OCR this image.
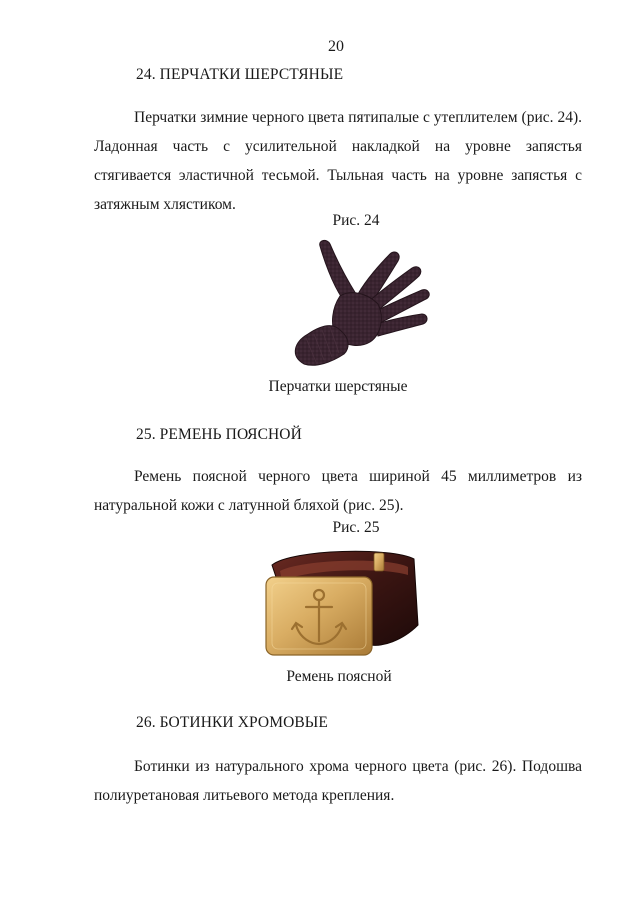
20
24. ПЕРЧАТКИ ШЕРСТЯНЫЕ

Перчатки зимние черного цвета пятипалые с утеплителем (рис. 24). Ладонная часть с усилительной накладкой на уровне запястья стягивается эластичной тесьмой. Тыльная часть на уровне запястья с затяжным хлястиком.

Рис. 24
Перчатки шерстяные
25. РЕМЕНЬ ПОЯСНОЙ

Ремень поясной черного цвета шириной 45 миллиметров из натуральной кожи с латунной бляхой (рис. 25).

Рис. 25
Ремень поясной
26. БОТИНКИ ХРОМОВЫЕ

Ботинки из натурального хрома черного цвета (рис. 26). Подошва полиуретановая литьевого метода крепления.
